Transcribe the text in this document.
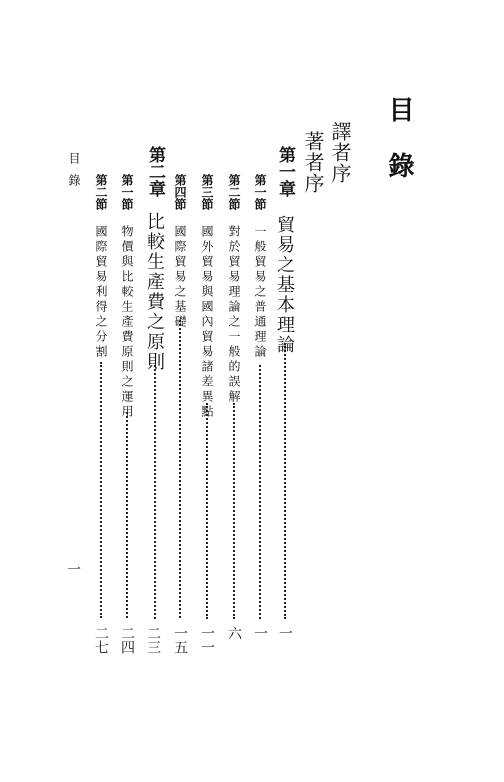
目錄
譯者序
著者序
第一章
貿易之基本理論
一
第一節
一般貿易之普通理論
一
第二節
對於貿易理論之一般的誤解
六
第三節
國外貿易與國內貿易諸差異點
一一
第四節
國際貿易之基礎
一五
第二章
比較生產費之原則
二三
第一節
物價與比較生產費原則之運用
二四
第二節
國際貿易利得之分割
二七
目錄
一
